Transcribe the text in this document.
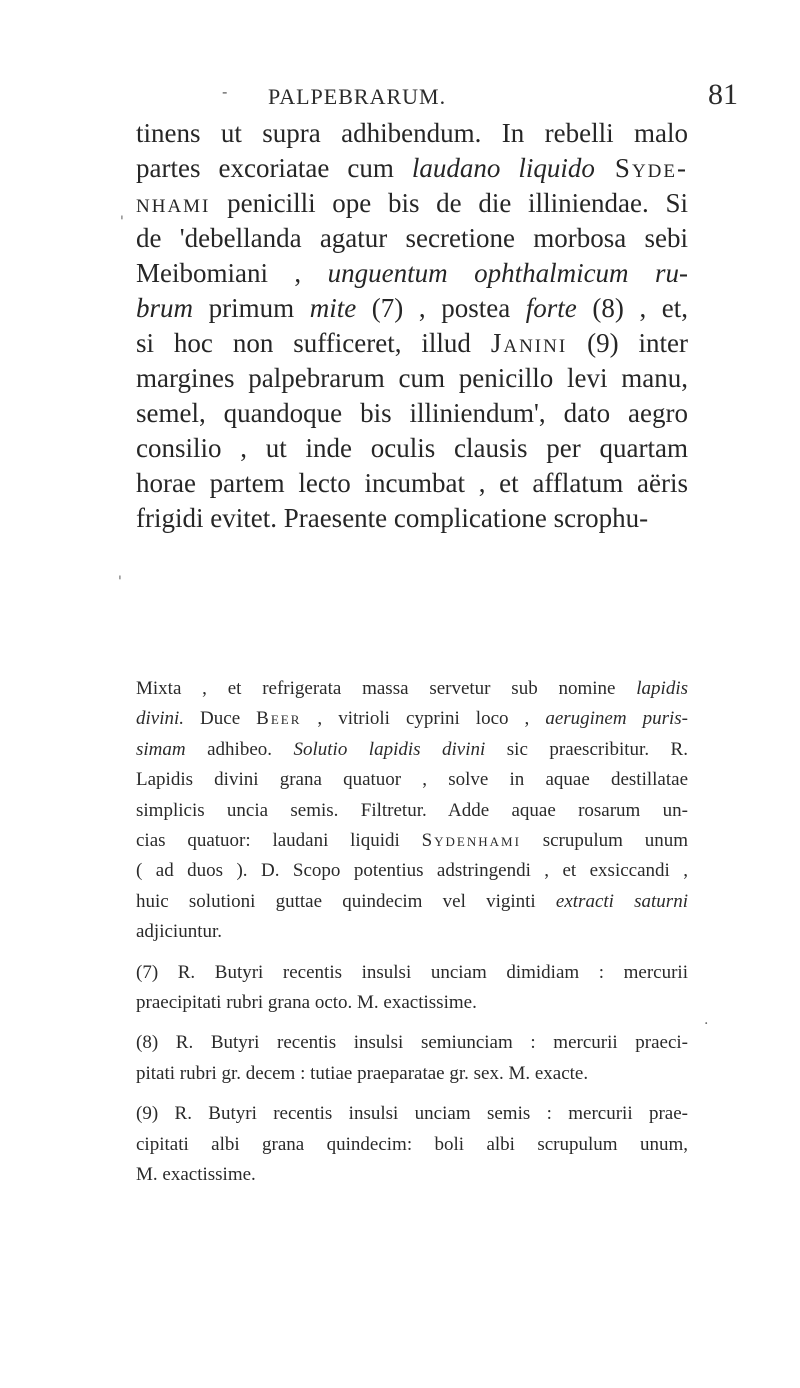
- PALPEBRARUM.	81
tinens ut supra adhibendum. In rebelli malo
partes excoriatae cum laudano liquido Syde-
nhami penicilli ope bis de die illiniendae. Si
de 'debellanda agatur secretione morbosa sebi
Meibomiani , unguentum ophthalmicum ru-
brum primum mite (7) , postea forte (8) , et,
si hoc non sufficeret, illud Janini (9) inter
margines palpebrarum cum penicillo levi manu,
semel, quandoque bis illiniendum', dato aegro
consilio , ut inde oculis clausis per quartam
horae partem lecto incumbat , et afflatum aëris
frigidi evitet. Praesente complicatione scrophu-
Mixta , et refrigerata massa servetur sub nomine lapidis
divini. Duce Beer , vitrioli cyprini loco , aeruginem puris-
simam adhibeo. Solutio lapidis divini sic praescribitur. R.
Lapidis divini grana quatuor , solve in aquae destillatae
simplicis uncia semis. Filtretur. Adde aquae rosarum un-
cias quatuor: laudani liquidi Sydenhami scrupulum unum
( ad duos ). D. Scopo potentius adstringendi , et exsiccandi ,
huic solutioni guttae quindecim vel viginti extracti saturni
adjiciuntur.
(7) R. Butyri recentis insulsi unciam dimidiam : mercurii
praecipitati rubri grana octo. M. exactissime.
(8) R. Butyri recentis insulsi semiunciam : mercurii praeci-
pitati rubri gr. decem : tutiae praeparatae gr. sex. M. exacte.
(9) R. Butyri recentis insulsi unciam semis : mercurii prae-
cipitati albi grana quindecim: boli albi scrupulum unum,
M. exactissime.
'
'
·
